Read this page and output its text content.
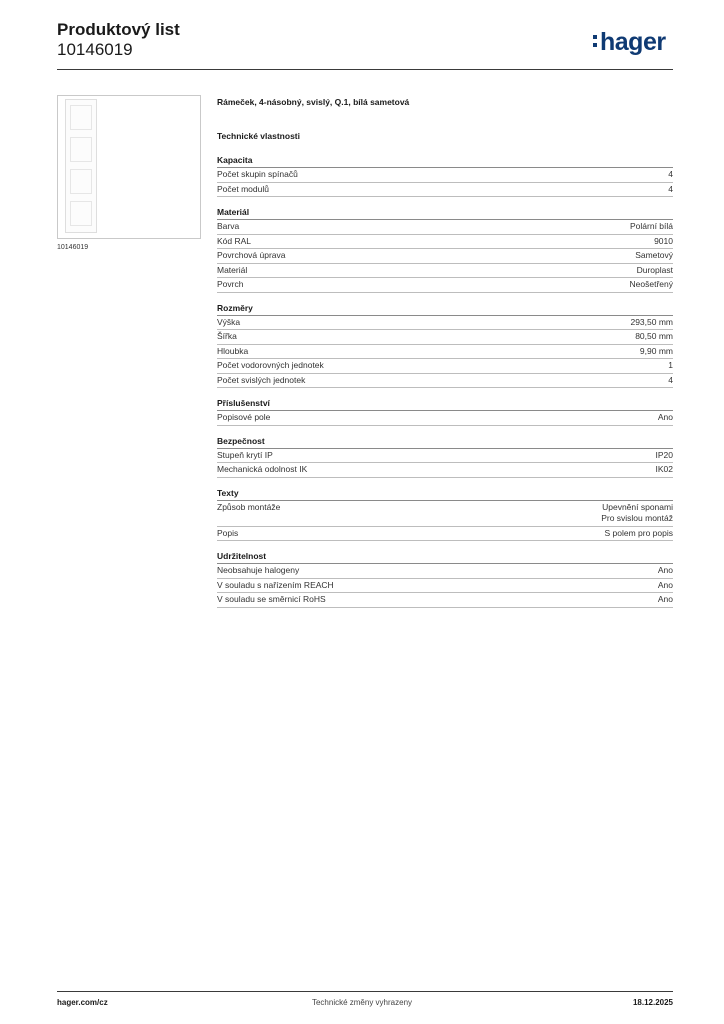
Produktový list
10146019	hager
10146019
Rámeček, 4-násobný, svislý, Q.1, bílá sametová
Technické vlastnosti
Kapacita
Počet skupin spínačů	4
Počet modulů	4
Materiál
Barva	Polární bílá
Kód RAL	9010
Povrchová úprava	Sametový
Materiál	Duroplast
Povrch	Neošetřený
Rozměry
Výška	293,50 mm
Šířka	80,50 mm
Hloubka	9,90 mm
Počet vodorovných jednotek	1
Počet svislých jednotek	4
Příslušenství
Popisové pole	Ano
Bezpečnost
Stupeň krytí IP	IP20
Mechanická odolnost IK	IK02
Texty
Způsob montáže	Upevnění sponami
Pro svislou montáž
Popis	S polem pro popis
Udržitelnost
Neobsahuje halogeny	Ano
V souladu s nařízením REACH	Ano
V souladu se směrnicí RoHS	Ano
hager.com/cz	Technické změny vyhrazeny	18.12.2025
